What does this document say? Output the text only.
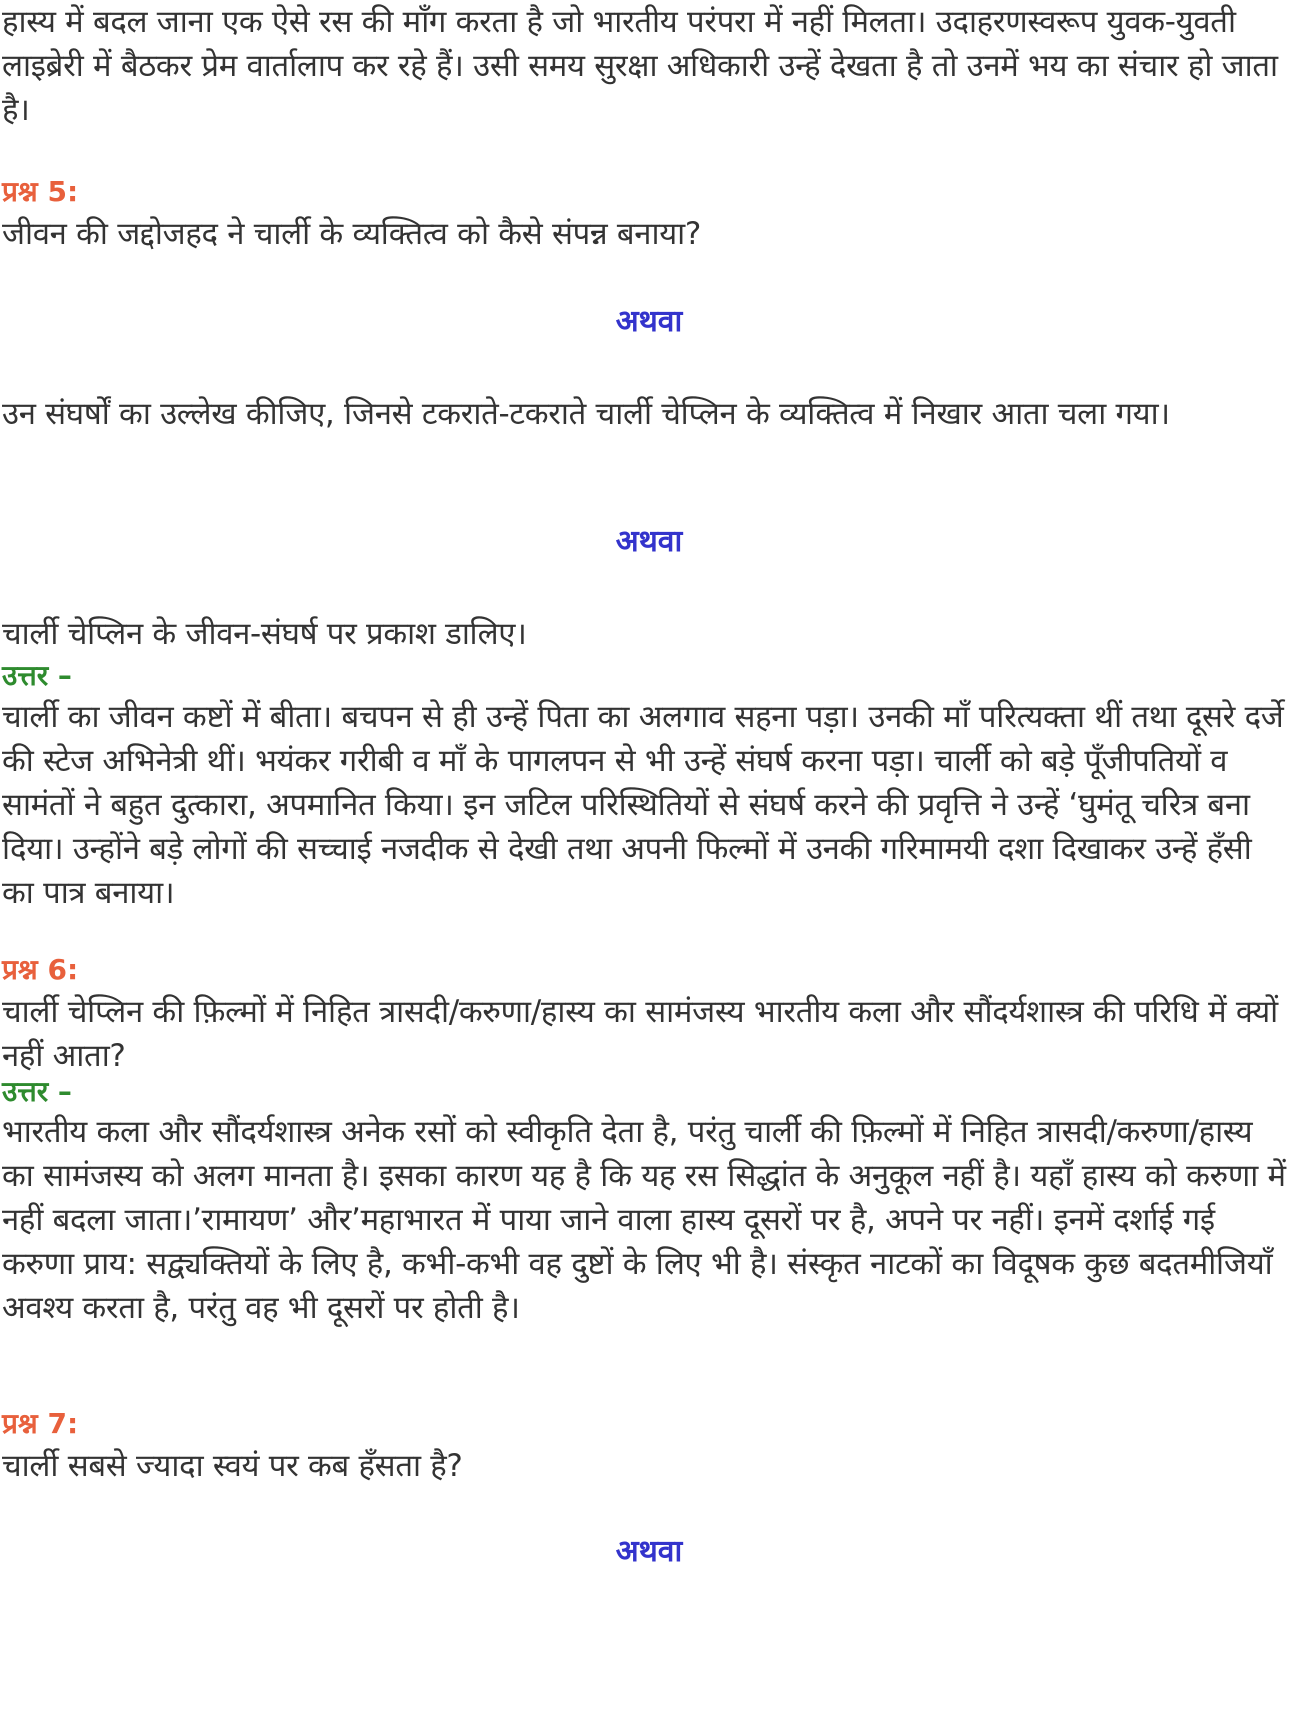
हास्य में बदल जाना एक ऐसे रस की माँग करता है जो भारतीय परंपरा में नहीं मिलता। उदाहरणस्वरूप युवक-युवती लाइब्रेरी में बैठकर प्रेम वार्तालाप कर रहे हैं। उसी समय सुरक्षा अधिकारी उन्हें देखता है तो उनमें भय का संचार हो जाता है।

प्रश्न 5:

जीवन की जद्दोजहद ने चार्ली के व्यक्तित्व को कैसे संपन्न बनाया?

अथवा

उन संघर्षों का उल्लेख कीजिए, जिनसे टकराते-टकराते चार्ली चेप्लिन के व्यक्तित्व में निखार आता चला गया।

अथवा

चार्ली चेप्लिन के जीवन-संघर्ष पर प्रकाश डालिए।

उत्तर –

चार्ली का जीवन कष्टों में बीता। बचपन से ही उन्हें पिता का अलगाव सहना पड़ा। उनकी माँ परित्यक्ता थीं तथा दूसरे दर्जे की स्टेज अभिनेत्री थीं। भयंकर गरीबी व माँ के पागलपन से भी उन्हें संघर्ष करना पड़ा। चार्ली को बड़े पूँजीपतियों व सामंतों ने बहुत दुत्कारा, अपमानित किया। इन जटिल परिस्थितियों से संघर्ष करने की प्रवृत्ति ने उन्हें ‘घुमंतू चरित्र बना दिया। उन्होंने बड़े लोगों की सच्चाई नजदीक से देखी तथा अपनी फिल्मों में उनकी गरिमामयी दशा दिखाकर उन्हें हँसी का पात्र बनाया।

प्रश्न 6:

चार्ली चेप्लिन की फ़िल्मों में निहित त्रासदी/करुणा/हास्य का सामंजस्य भारतीय कला और सौंदर्यशास्त्र की परिधि में क्यों नहीं आता?

उत्तर –

भारतीय कला और सौंदर्यशास्त्र अनेक रसों को स्वीकृति देता है, परंतु चार्ली की फ़िल्मों में निहित त्रासदी/करुणा/हास्य का सामंजस्य को अलग मानता है। इसका कारण यह है कि यह रस सिद्धांत के अनुकूल नहीं है। यहाँ हास्य को करुणा में नहीं बदला जाता।’रामायण’ और’महाभारत में पाया जाने वाला हास्य दूसरों पर है, अपने पर नहीं। इनमें दर्शाई गई करुणा प्राय: सद्व्यक्तियों के लिए है, कभी-कभी वह दुष्टों के लिए भी है। संस्कृत नाटकों का विदूषक कुछ बदतमीजियाँ अवश्य करता है, परंतु वह भी दूसरों पर होती है।

प्रश्न 7:

चार्ली सबसे ज्यादा स्वयं पर कब हँसता है?

अथवा
